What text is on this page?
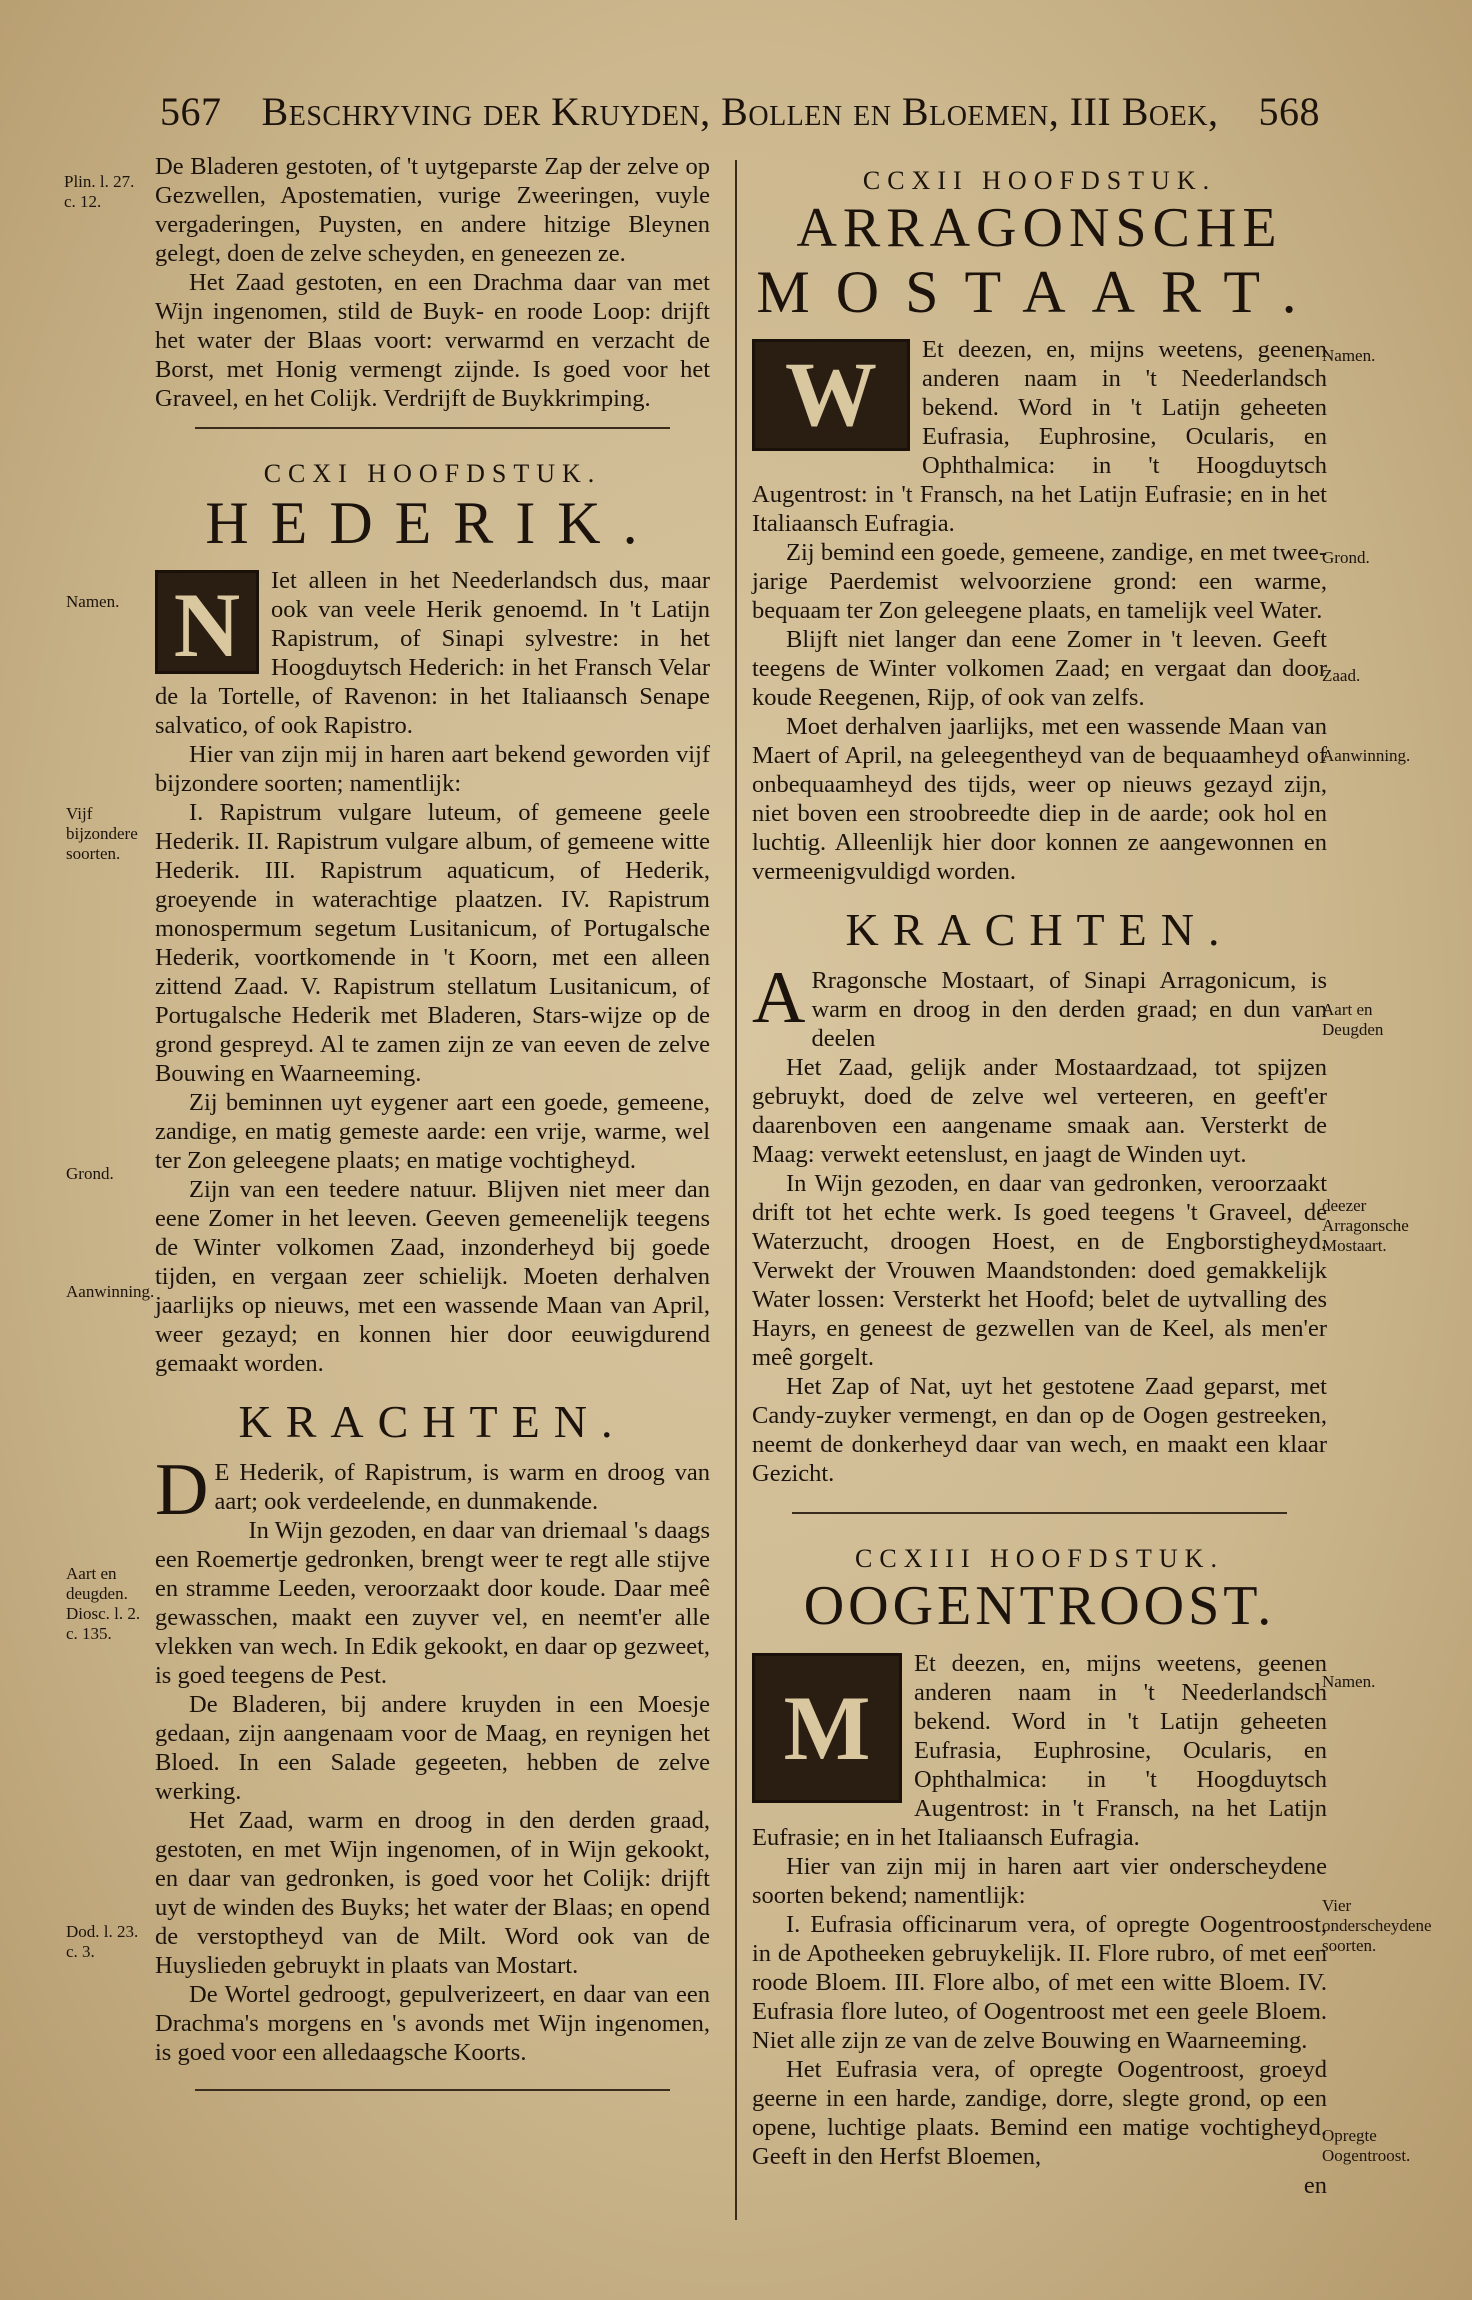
567 Beschryving der Kruyden, Bollen en Bloemen, III Boek, 568

De Bladeren gestoten, of 't uytgeparste Zap der zelve op Gezwellen, Apostematien, vurige Zweeringen, vuyle vergaderingen, Puysten, en andere hitzige Bleynen gelegt, doen de zelve scheyden, en geneezen ze.

Het Zaad gestoten, en een Drachma daar van met Wijn ingenomen, stild de Buyk- en roode Loop: drijft het water der Blaas voort: verwarmd en verzacht de Borst, met Honig vermengt zijnde. Is goed voor het Graveel, en het Colijk. Verdrijft de Buykkrimping.

CCXI HOOFDSTUK.
HEDERIK.

N	Iet alleen in het Neederlandsch dus, maar ook van veele Herik genoemd. In 't Latijn Rapistrum, of Sinapi sylvestre: in het Hoogduytsch Hederich: in het Fransch Velar de la Tortelle, of Ravenon: in het Italiaansch Senape salvatico, of ook Rapistro.

Hier van zijn mij in haren aart bekend geworden vijf bijzondere soorten; namentlijk:

I. Rapistrum vulgare luteum, of gemeene geele Hederik. II. Rapistrum vulgare album, of gemeene witte Hederik. III. Rapistrum aquaticum, of Hederik, groeyende in waterachtige plaatzen. IV. Rapistrum monospermum segetum Lusitanicum, of Portugalsche Hederik, voortkomende in 't Koorn, met een alleen zittend Zaad. V. Rapistrum stellatum Lusitanicum, of Portugalsche Hederik met Bladeren, Stars-wijze op de grond gespreyd. Al te zamen zijn ze van eeven de zelve Bouwing en Waarneeming.

Zij beminnen uyt eygener aart een goede, gemeene, zandige, en matig gemeste aarde: een vrije, warme, wel ter Zon geleegene plaats; en matige vochtigheyd.

Zijn van een teedere natuur. Blijven niet meer dan eene Zomer in het leeven. Geeven gemeenelijk teegens de Winter volkomen Zaad, inzonderheyd bij goede tijden, en vergaan zeer schielijk. Moeten derhalven jaarlijks op nieuws, met een wassende Maan van April, weer gezayd; en konnen hier door eeuwigdurend gemaakt worden.

KRACHTEN.

D E Hederik, of Rapistrum, is warm en droog van aart; ook verdeelende, en dunmakende.

In Wijn gezoden, en daar van driemaal 's daags een Roemertje gedronken, brengt weer te regt alle stijve en stramme Leeden, veroorzaakt door koude. Daar meê gewasschen, maakt een zuyver vel, en neemt'er alle vlekken van wech. In Edik gekookt, en daar op gezweet, is goed teegens de Pest.

De Bladeren, bij andere kruyden in een Moesje gedaan, zijn aangenaam voor de Maag, en reynigen het Bloed. In een Salade gegeeten, hebben de zelve werking.

Het Zaad, warm en droog in den derden graad, gestoten, en met Wijn ingenomen, of in Wijn gekookt, en daar van gedronken, is goed voor het Colijk: drijft uyt de winden des Buyks; het water der Blaas; en opend de verstoptheyd van de Milt. Word ook van de Huyslieden gebruykt in plaats van Mostart.

De Wortel gedroogt, gepulverizeert, en daar van een Drachma's morgens en 's avonds met Wijn ingenomen, is goed voor een alledaagsche Koorts.

CCXII HOOFDSTUK.
ARRAGONSCHE
MOSTAART.

W	Et deezen, en, mijns weetens, geenen anderen naam in 't Neederlandsch bekend. Word in 't Latijn geheeten Eufrasia, Euphrosine, Ocularis, en Ophthalmica: in 't Hoogduytsch Augentrost: in 't Fransch, na het Latijn Eufrasie; en in het Italiaansch Eufragia.

Zij bemind een goede, gemeene, zandige, en met twee-jarige Paerdemist welvoorziene grond: een warme, bequaam ter Zon geleegene plaats, en tamelijk veel Water.

Blijft niet langer dan eene Zomer in 't leeven. Geeft teegens de Winter volkomen Zaad; en vergaat dan door koude Reegenen, Rijp, of ook van zelfs.

Moet derhalven jaarlijks, met een wassende Maan van Maert of April, na geleegentheyd van de bequaamheyd of onbequaamheyd des tijds, weer op nieuws gezayd zijn, niet boven een stroobreedte diep in de aarde; ook hol en luchtig. Alleenlijk hier door konnen ze aangewonnen en vermeenigvuldigd worden.

KRACHTEN.

A Rragonsche Mostaart, of Sinapi Arragonicum, is warm en droog in den derden graad; en dun van deelen

Het Zaad, gelijk ander Mostaardzaad, tot spijzen gebruykt, doed de zelve wel verteeren, en geeft'er daarenboven een aangename smaak aan. Versterkt de Maag: verwekt eetenslust, en jaagt de Winden uyt.

In Wijn gezoden, en daar van gedronken, veroorzaakt drift tot het echte werk. Is goed teegens 't Graveel, de Waterzucht, droogen Hoest, en de Engborstigheyd. Verwekt der Vrouwen Maandstonden: doed gemakkelijk Water lossen: Versterkt het Hoofd; belet de uytvalling des Hayrs, en geneest de gezwellen van de Keel, als men'er meê gorgelt.

Het Zap of Nat, uyt het gestotene Zaad geparst, met Candy-zuyker vermengt, en dan op de Oogen gestreeken, neemt de donkerheyd daar van wech, en maakt een klaar Gezicht.

CCXIII HOOFDSTUK.
OOGENTROOST.

M
Et deezen, en, mijns weetens, geenen anderen naam in 't Neederlandsch bekend. Word in 't Latijn geheeten Eufrasia, Euphrosine, Ocularis, en Ophthalmica: in 't Hoogduytsch Augentrost: in 't Fransch, na het Latijn Eufrasie; en in het Italiaansch Eufragia.

Hier van zijn mij in haren aart vier onderscheydene soorten bekend; namentlijk:

I. Eufrasia officinarum vera, of opregte Oogentroost, in de Apotheeken gebruykelijk. II. Flore rubro, of met een roode Bloem. III. Flore albo, of met een witte Bloem. IV. Eufrasia flore luteo, of Oogentroost met een geele Bloem. Niet alle zijn ze van de zelve Bouwing en Waarneeming.

Het Eufrasia vera, of opregte Oogentroost, groeyd geerne in een harde, zandige, dorre, slegte grond, op een opene, luchtige plaats. Bemind een matige vochtigheyd. Geeft in den Herfst Bloemen,

en

Plin. l. 27. c. 12.
Namen.
Vijf bijzondere soorten.
Grond.
Aanwinning.
Aart en deugden. Diosc. l. 2. c. 135.
Dod. l. 23. c. 3.
Namen.
Grond.
Zaad.
Aanwinning.
Aart en Deugden
deezer Arragonsche Mostaart.
Namen.
Vier onderscheydene soorten.
Opregte Oogentroost.
